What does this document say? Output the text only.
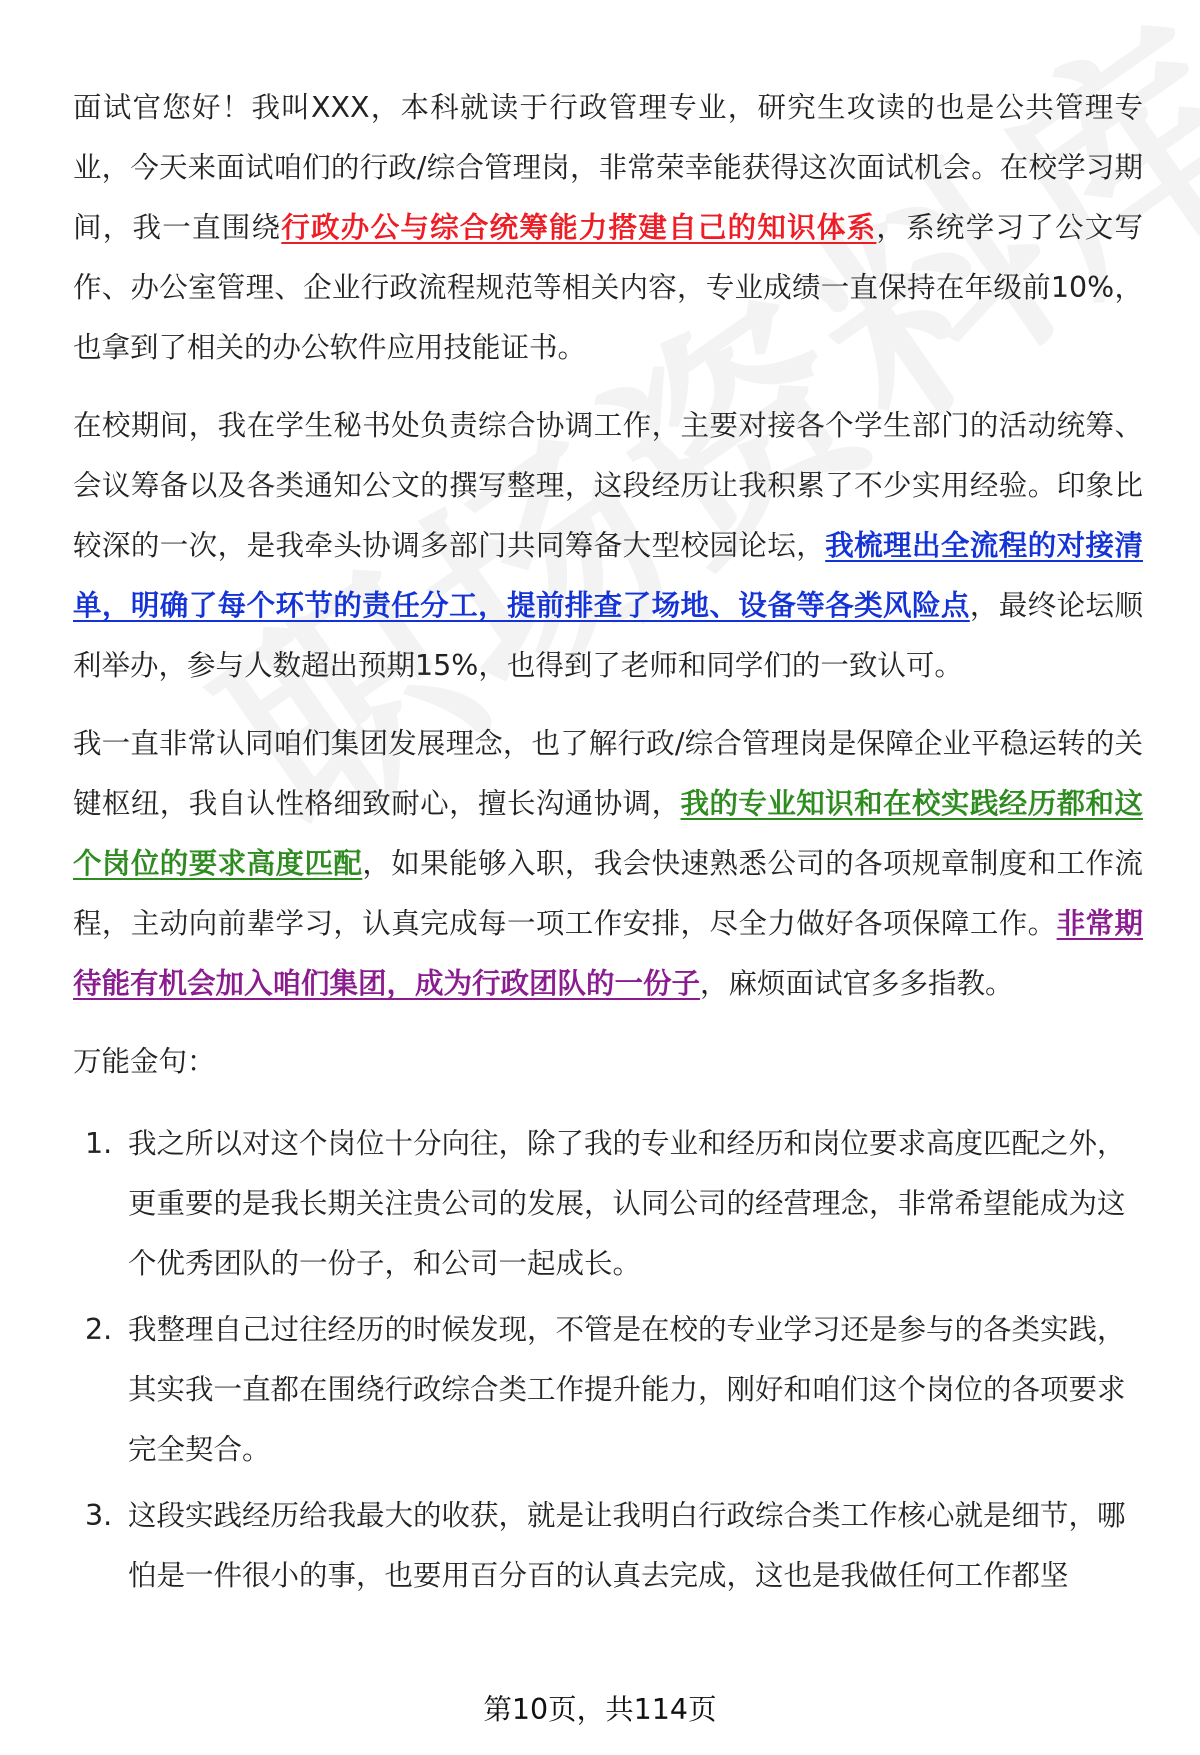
面试官您好！我叫XXX，本科就读于行政管理专业，研究生攻读的也是公共管理专业，今天来面试咱们的行政/综合管理岗，非常荣幸能获得这次面试机会。在校学习期间，我一直围绕行政办公与综合统筹能力搭建自己的知识体系，系统学习了公文写作、办公室管理、企业行政流程规范等相关内容，专业成绩一直保持在年级前10%，也拿到了相关的办公软件应用技能证书。

在校期间，我在学生秘书处负责综合协调工作，主要对接各个学生部门的活动统筹、会议筹备以及各类通知公文的撰写整理，这段经历让我积累了不少实用经验。印象比较深的一次，是我牵头协调多部门共同筹备大型校园论坛，我梳理出全流程的对接清单，明确了每个环节的责任分工，提前排查了场地、设备等各类风险点，最终论坛顺利举办，参与人数超出预期15%，也得到了老师和同学们的一致认可。

我一直非常认同咱们集团发展理念，也了解行政/综合管理岗是保障企业平稳运转的关键枢纽，我自认性格细致耐心，擅长沟通协调，我的专业知识和在校实践经历都和这个岗位的要求高度匹配，如果能够入职，我会快速熟悉公司的各项规章制度和工作流程，主动向前辈学习，认真完成每一项工作安排，尽全力做好各项保障工作。非常期待能有机会加入咱们集团，成为行政团队的一份子，麻烦面试官多多指教。

万能金句：

1. 我之所以对这个岗位十分向往，除了我的专业和经历和岗位要求高度匹配之外，更重要的是我长期关注贵公司的发展，认同公司的经营理念，非常希望能成为这个优秀团队的一份子，和公司一起成长。
2. 我整理自己过往经历的时候发现，不管是在校的专业学习还是参与的各类实践，其实我一直都在围绕行政综合类工作提升能力，刚好和咱们这个岗位的各项要求完全契合。
3. 这段实践经历给我最大的收获，就是让我明白行政综合类工作核心就是细节，哪怕是一件很小的事，也要用百分百的认真去完成，这也是我做任何工作都坚
第10页，共114页
